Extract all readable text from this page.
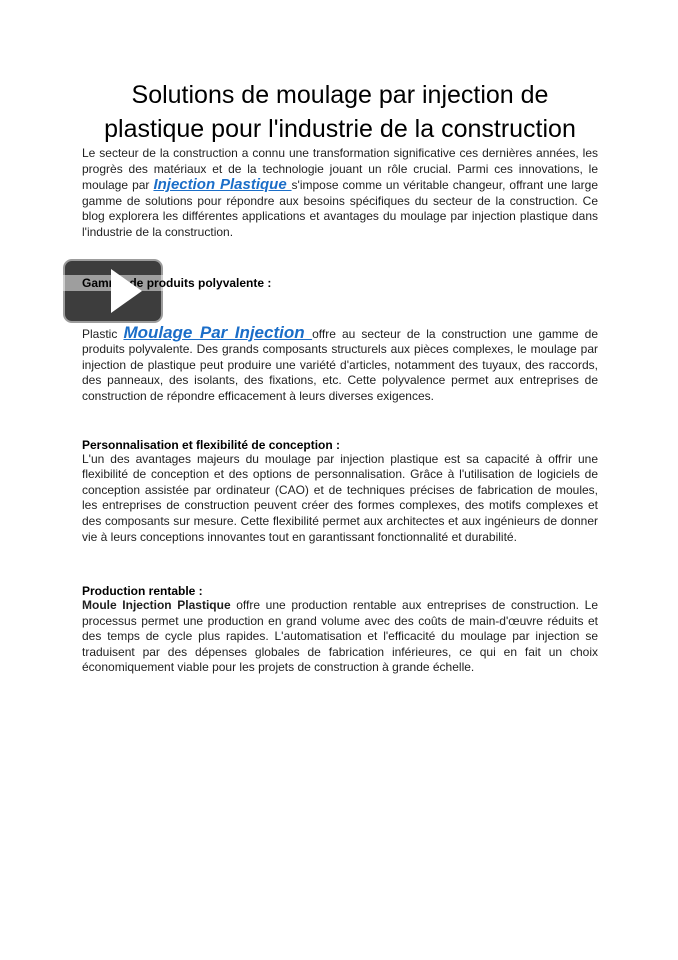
Solutions de moulage par injection de plastique pour l'industrie de la construction

Le secteur de la construction a connu une transformation significative ces dernières années, les progrès des matériaux et de la technologie jouant un rôle crucial. Parmi ces innovations, le moulage par Injection Plastique s'impose comme un véritable changeur, offrant une large gamme de solutions pour répondre aux besoins spécifiques du secteur de la construction. Ce blog explorera les différentes applications et avantages du moulage par injection plastique dans l'industrie de la construction.

Gamme de produits polyvalente :

Plastic Moulage Par Injection offre au secteur de la construction une gamme de produits polyvalente. Des grands composants structurels aux pièces complexes, le moulage par injection de plastique peut produire une variété d'articles, notamment des tuyaux, des raccords, des panneaux, des isolants, des fixations, etc. Cette polyvalence permet aux entreprises de construction de répondre efficacement à leurs diverses exigences.

Personnalisation et flexibilité de conception :

L'un des avantages majeurs du moulage par injection plastique est sa capacité à offrir une flexibilité de conception et des options de personnalisation. Grâce à l'utilisation de logiciels de conception assistée par ordinateur (CAO) et de techniques précises de fabrication de moules, les entreprises de construction peuvent créer des formes complexes, des motifs complexes et des composants sur mesure. Cette flexibilité permet aux architectes et aux ingénieurs de donner vie à leurs conceptions innovantes tout en garantissant fonctionnalité et durabilité.

Production rentable :

Moule Injection Plastique offre une production rentable aux entreprises de construction. Le processus permet une production en grand volume avec des coûts de main-d'œuvre réduits et des temps de cycle plus rapides. L'automatisation et l'efficacité du moulage par injection se traduisent par des dépenses globales de fabrication inférieures, ce qui en fait un choix économiquement viable pour les projets de construction à grande échelle.
